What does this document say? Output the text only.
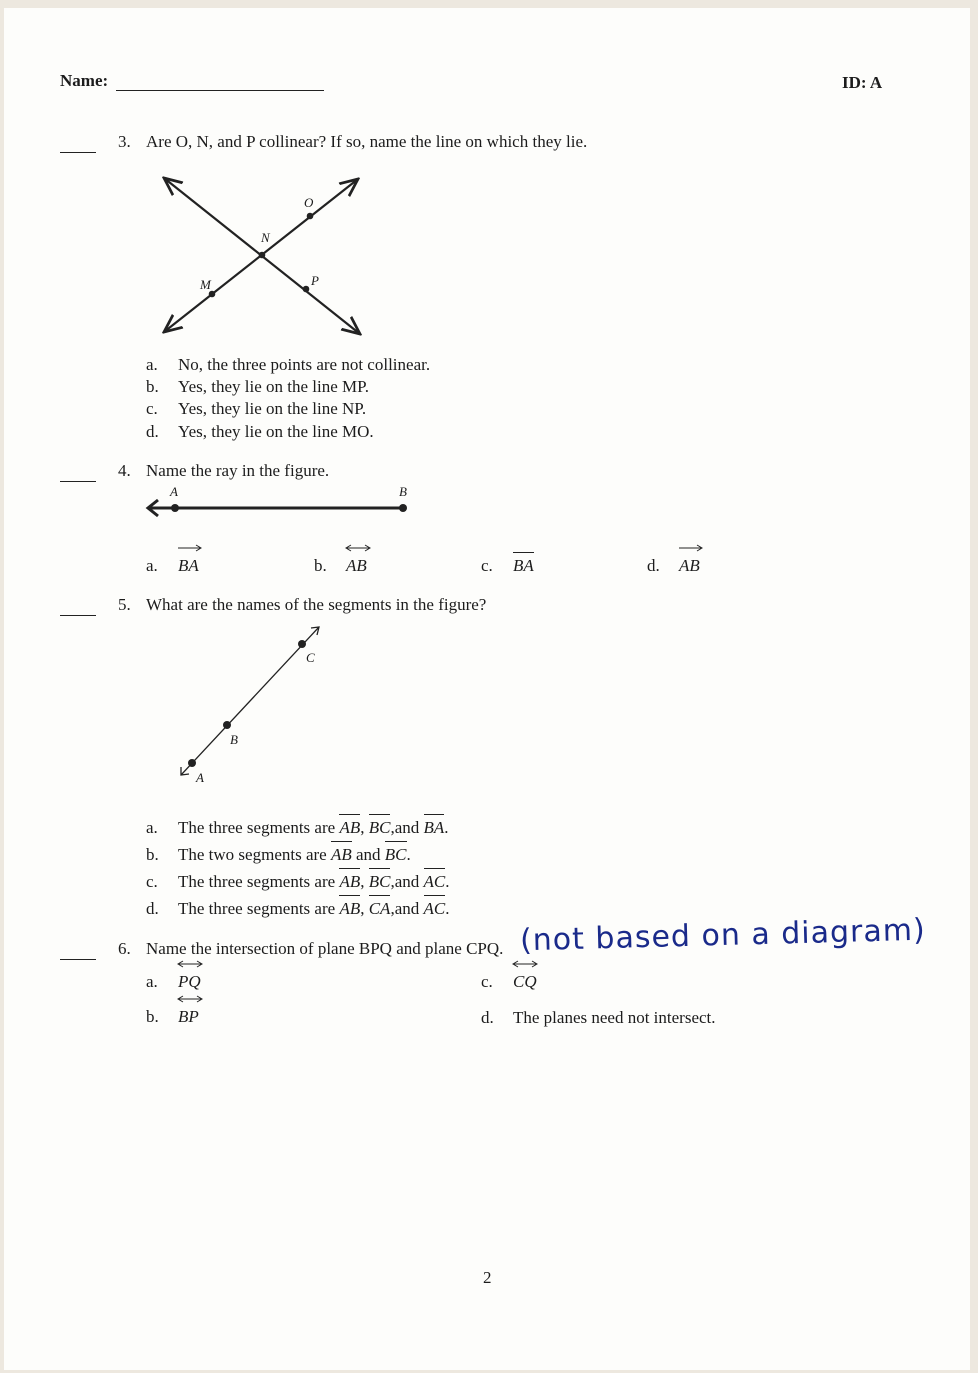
Name:	ID: A
3. Are O, N, and P collinear? If so, name the line on which they lie.
O
N
M	P
a. No, the three points are not collinear.
b. Yes, they lie on the line MP.
c. Yes, they lie on the line NP.
d. Yes, they lie on the line MO.
4. Name the ray in the figure.
A	B
a. BA	b. AB	c. BA	d. AB
5. What are the names of the segments in the figure?
C
B
A
a. The three segments are AB, BC,and BA.
b. The two segments are AB and BC.
c. The three segments are AB, BC,and AC.
d. The three segments are AB, CA,and AC.
6. Name the intersection of plane BPQ and plane CPQ. (not based on a diagram)
a. PQ
b. BP
c. CQ
d. The planes need not intersect.
2
